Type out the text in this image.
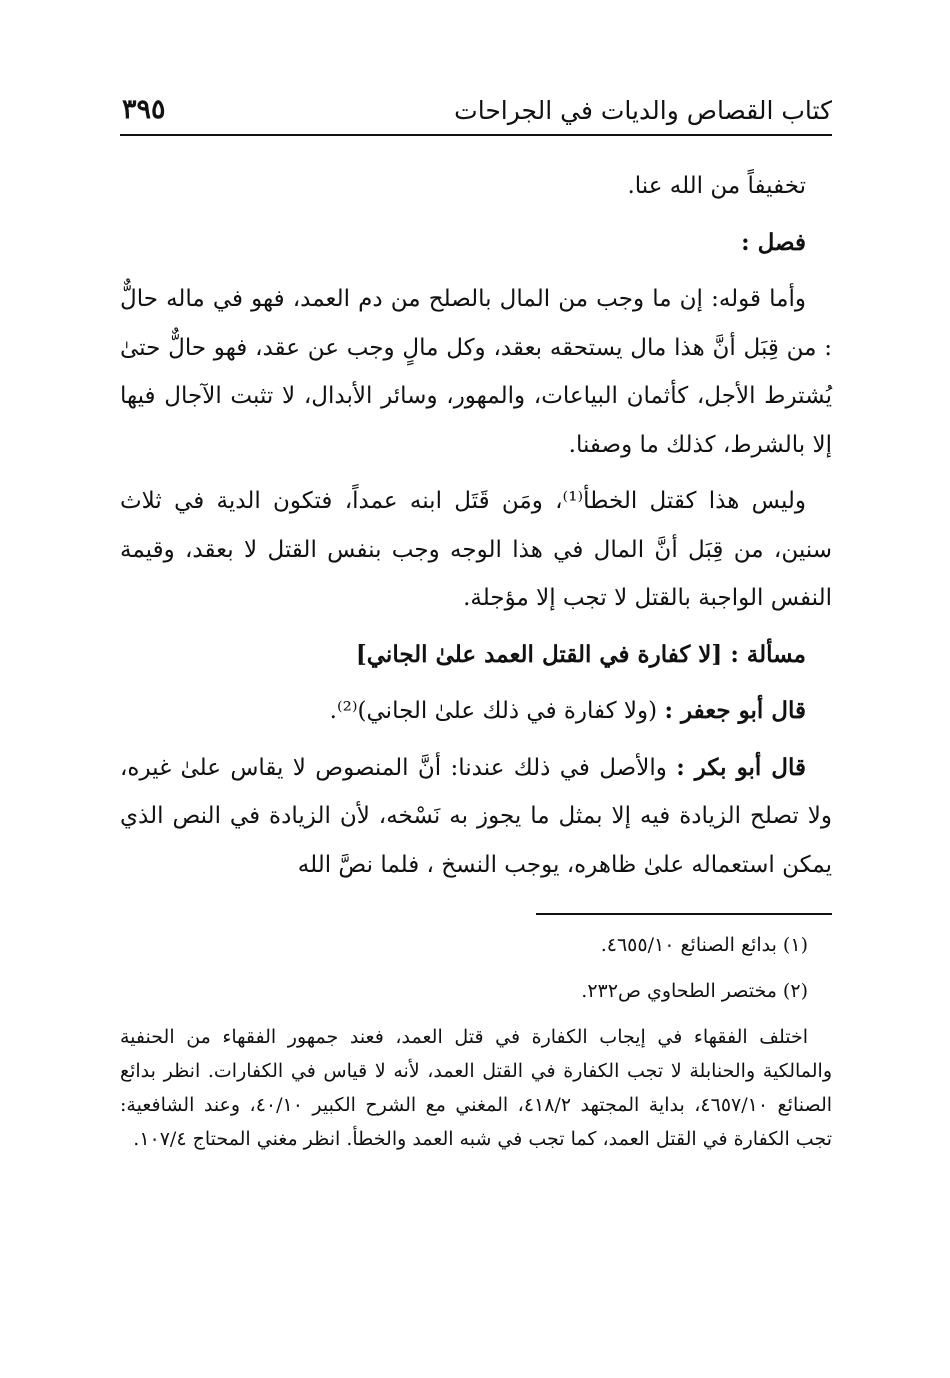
كتاب القصاص والديات في الجراحات
٣٩٥

تخفيفاً من الله عنا.

فصل :

وأما قوله: إن ما وجب من المال بالصلح من دم العمد، فهو في ماله حالٌّ : من قِبَل أنَّ هذا مال يستحقه بعقد، وكل مالٍ وجب عن عقد، فهو حالٌّ حتىٰ يُشترط الأجل، كأثمان البياعات، والمهور، وسائر الأبدال، لا تثبت الآجال فيها إلا بالشرط، كذلك ما وصفنا.

وليس هذا كقتل الخطأ⁽¹⁾، ومَن قَتَل ابنه عمداً، فتكون الدية في ثلاث سنين، من قِبَل أنَّ المال في هذا الوجه وجب بنفس القتل لا بعقد، وقيمة النفس الواجبة بالقتل لا تجب إلا مؤجلة.

مسألة : [لا كفارة في القتل العمد علىٰ الجاني]

قال أبو جعفر : (ولا كفارة في ذلك علىٰ الجاني)⁽²⁾.

قال أبو بكر : والأصل في ذلك عندنا: أنَّ المنصوص لا يقاس علىٰ غيره، ولا تصلح الزيادة فيه إلا بمثل ما يجوز به نَسْخه، لأن الزيادة في النص الذي يمكن استعماله علىٰ ظاهره، يوجب النسخ ، فلما نصَّ الله

(١) بدائع الصنائع ٤٦٥٥/١٠.

(٢) مختصر الطحاوي ص٢٣٢.

اختلف الفقهاء في إيجاب الكفارة في قتل العمد، فعند جمهور الفقهاء من الحنفية والمالكية والحنابلة لا تجب الكفارة في القتل العمد، لأنه لا قياس في الكفارات. انظر بدائع الصنائع ٤٦٥٧/١٠، بداية المجتهد ٤١٨/٢، المغني مع الشرح الكبير ٤٠/١٠، وعند الشافعية: تجب الكفارة في القتل العمد، كما تجب في شبه العمد والخطأ. انظر مغني المحتاج ١٠٧/٤.
